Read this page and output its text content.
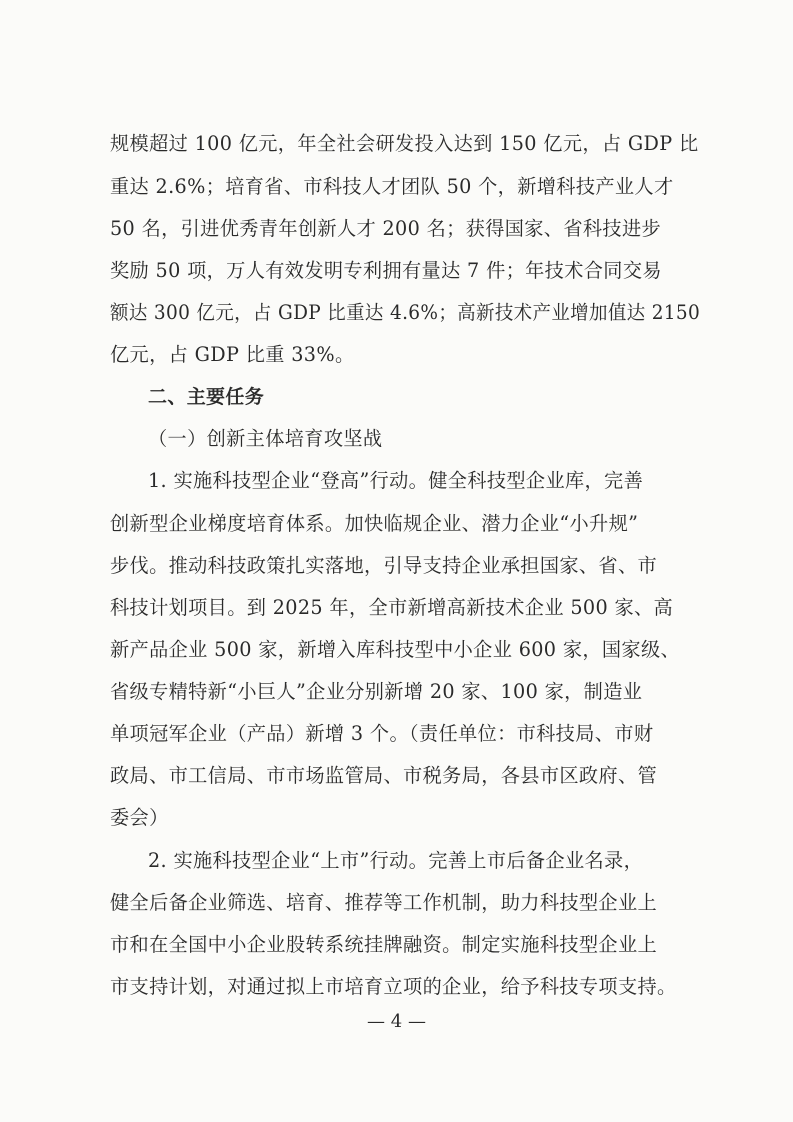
规模超过 100 亿元，年全社会研发投入达到 150 亿元，占 GDP 比
重达 2.6%；培育省、市科技人才团队 50 个，新增科技产业人才
50 名，引进优秀青年创新人才 200 名；获得国家、省科技进步
奖励 50 项，万人有效发明专利拥有量达 7 件；年技术合同交易
额达 300 亿元，占 GDP 比重达 4.6%；高新技术产业增加值达 2150
亿元，占 GDP 比重 33%。
二、主要任务
（一）创新主体培育攻坚战
1. 实施科技型企业“登高”行动。健全科技型企业库，完善
创新型企业梯度培育体系。加快临规企业、潜力企业“小升规”
步伐。推动科技政策扎实落地，引导支持企业承担国家、省、市
科技计划项目。到 2025 年，全市新增高新技术企业 500 家、高
新产品企业 500 家，新增入库科技型中小企业 600 家，国家级、
省级专精特新“小巨人”企业分别新增 20 家、100 家，制造业
单项冠军企业（产品）新增 3 个。（责任单位：市科技局、市财
政局、市工信局、市市场监管局、市税务局，各县市区政府、管
委会）
2. 实施科技型企业“上市”行动。完善上市后备企业名录，
健全后备企业筛选、培育、推荐等工作机制，助力科技型企业上
市和在全国中小企业股转系统挂牌融资。制定实施科技型企业上
市支持计划，对通过拟上市培育立项的企业，给予科技专项支持。
— 4 —
